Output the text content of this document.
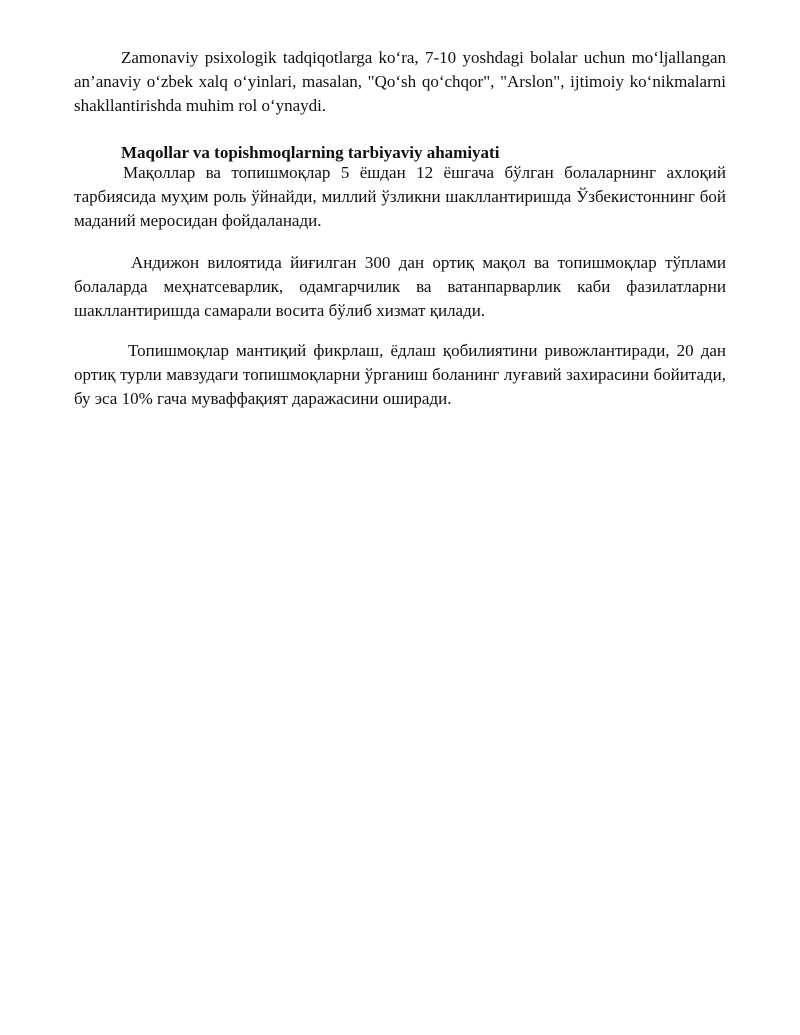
Zamonaviy psixologik tadqiqotlarga ko‘ra, 7-10 yoshdagi bolalar uchun mo‘ljallangan an’anaviy o‘zbek xalq o‘yinlari, masalan, "Qo‘sh qo‘chqor", "Arslon", ijtimoiy ko‘nikmalarni shakllantirishda muhim rol o‘ynaydi.

Maqollar va topishmoqlarning tarbiyaviy ahamiyati

Мақоллар ва топишмоқлар 5 ёшдан 12 ёшгача бўлган болаларнинг ахлоқий тарбиясида муҳим роль ўйнайди, миллий ўзликни шакллантиришда Ўзбекистоннинг бой маданий меросидан фойдаланади.

Андижон вилоятида йиғилган 300 дан ортиқ мақол ва топишмоқлар тўплами болаларда меҳнатсеварлик, одамгарчилик ва ватанпарварлик каби фазилатларни шакллантиришда самарали восита бўлиб хизмат қилади.

Топишмоқлар мантиқий фикрлаш, ёдлаш қобилиятини ривожлантиради, 20 дан ортиқ турли мавзудаги топишмоқларни ўрганиш боланинг луғавий захирасини бойитади, бу эса 10% гача муваффақият даражасини оширади.
